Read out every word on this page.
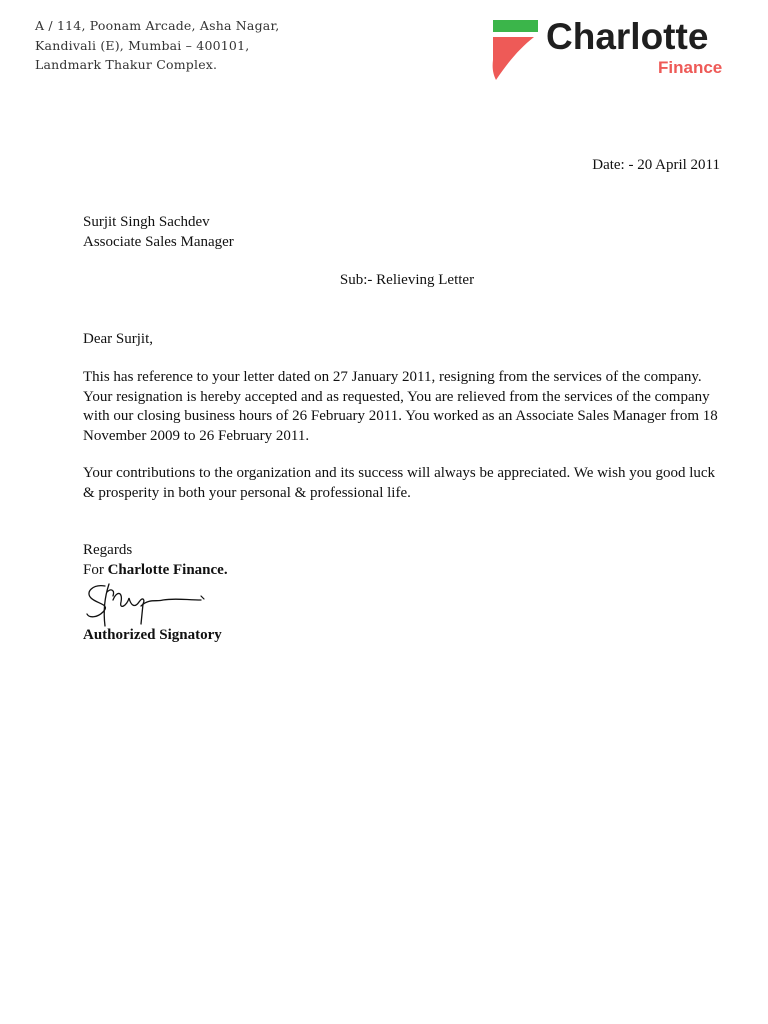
A / 114, Poonam Arcade, Asha Nagar,
Kandivali (E), Mumbai – 400101,
Landmark Thakur Complex.
Charlotte
Finance
Date: - 20 April 2011
Surjit Singh Sachdev
Associate Sales Manager
Sub:- Relieving Letter
Dear Surjit,
This has reference to your letter dated on 27 January 2011, resigning from the services of the company. Your resignation is hereby accepted and as requested, You are relieved from the services of the company with our closing business hours of 26 February 2011. You worked as an Associate Sales Manager from 18 November 2009 to 26 February 2011.
Your contributions to the organization and its success will always be appreciated. We wish you good luck & prosperity in both your personal & professional life.
Regards
For Charlotte Finance.
Authorized Signatory
